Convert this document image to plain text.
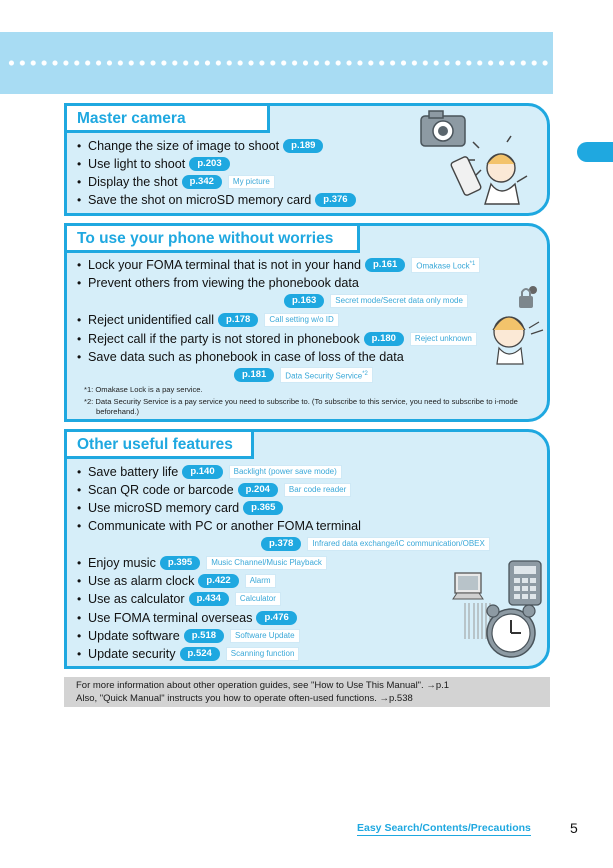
Master camera
• Change the size of image to shoot	p.189
• Use light to shoot	p.203
• Display the shot	p.342	My picture
• Save the shot on microSD memory card	p.376
To use your phone without worries
• Lock your FOMA terminal that is not in your hand	p.161	Omakase Lock$^{*1}$
• Prevent others from viewing the phonebook data
p.163	Secret mode/Secret data only mode
• Reject unidentified call	p.178	Call setting w/o ID
• Reject call if the party is not stored in phonebook	p.180	Reject unknown
• Save data such as phonebook in case of loss of the data
p.181	Data Security Service$^{*2}$
*1: Omakase Lock is a pay service.
*2: Data Security Service is a pay service you need to subscribe to. (To subscribe to this service, you need to subscribe to i-mode beforehand.)
Other useful features
• Save battery life	p.140	Backlight (power save mode)
• Scan QR code or barcode	p.204	Bar code reader
• Use microSD memory card	p.365
• Communicate with PC or another FOMA terminal
p.378	Infrared data exchange/iC communication/OBEX
• Enjoy music	p.395	Music Channel/Music Playback
• Use as alarm clock	p.422	Alarm
• Use as calculator	p.434	Calculator
• Use FOMA terminal overseas	p.476
• Update software	p.518	Software Update
• Update security	p.524	Scanning function
For more information about other operation guides, see "How to Use This Manual". →p.1
Also, "Quick Manual" instructs you how to operate often-used functions. →p.538
Easy Search/Contents/Precautions	5
